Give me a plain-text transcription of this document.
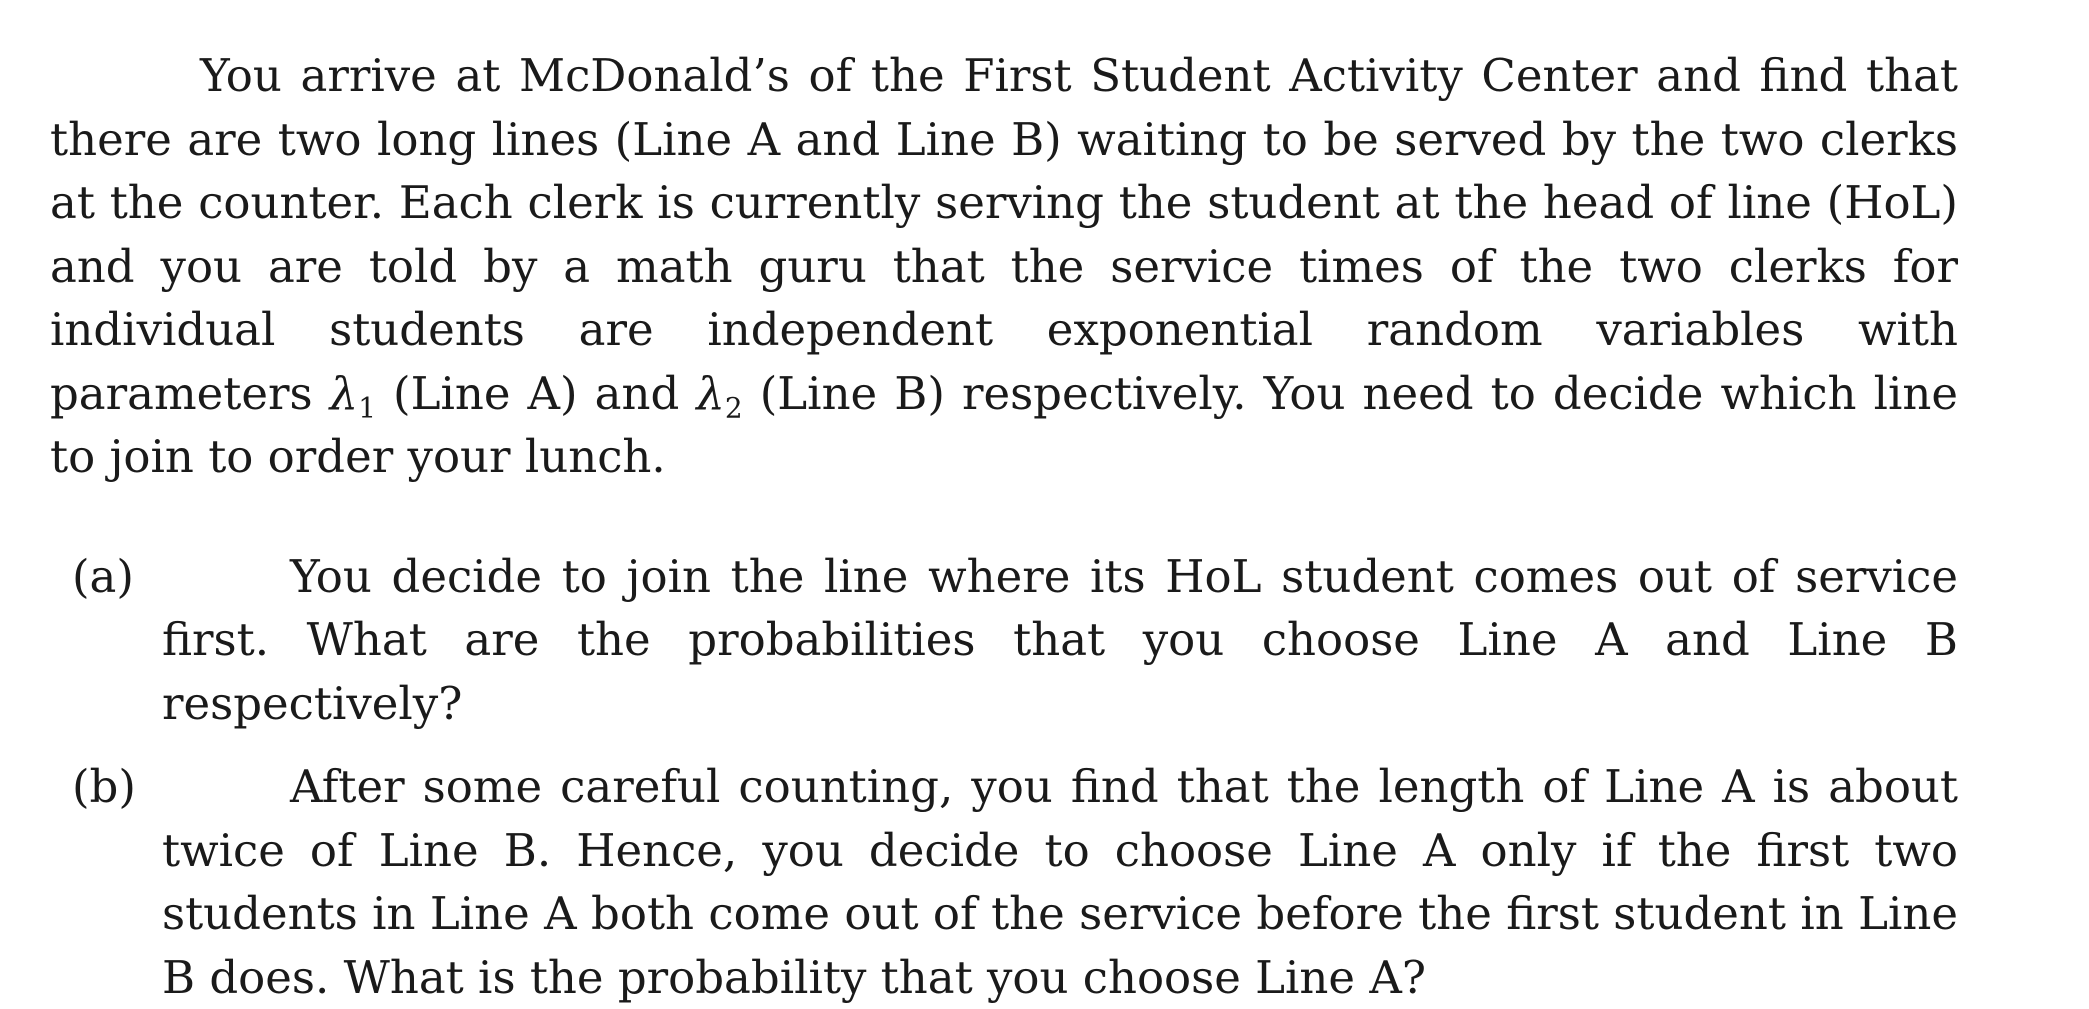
You arrive at McDonald’s of the First Student Activity Center and find that there are two long lines (Line A and Line B) waiting to be served by the two clerks at the counter. Each clerk is currently serving the student at the head of line (HoL) and you are told by a math guru that the service times of the two clerks for individual students are independent exponential random variables with parameters $\lambda_1$ (Line A) and $\lambda_2$ (Line B) respectively. You need to decide which line to join to order your lunch.

(a)	You decide to join the line where its HoL student comes out of service first. What are the probabilities that you choose Line A and Line B respectively?

(b)	After some careful counting, you find that the length of Line A is about twice of Line B. Hence, you decide to choose Line A only if the first two students in Line A both come out of the service before the first student in Line B does. What is the probability that you choose Line A?
